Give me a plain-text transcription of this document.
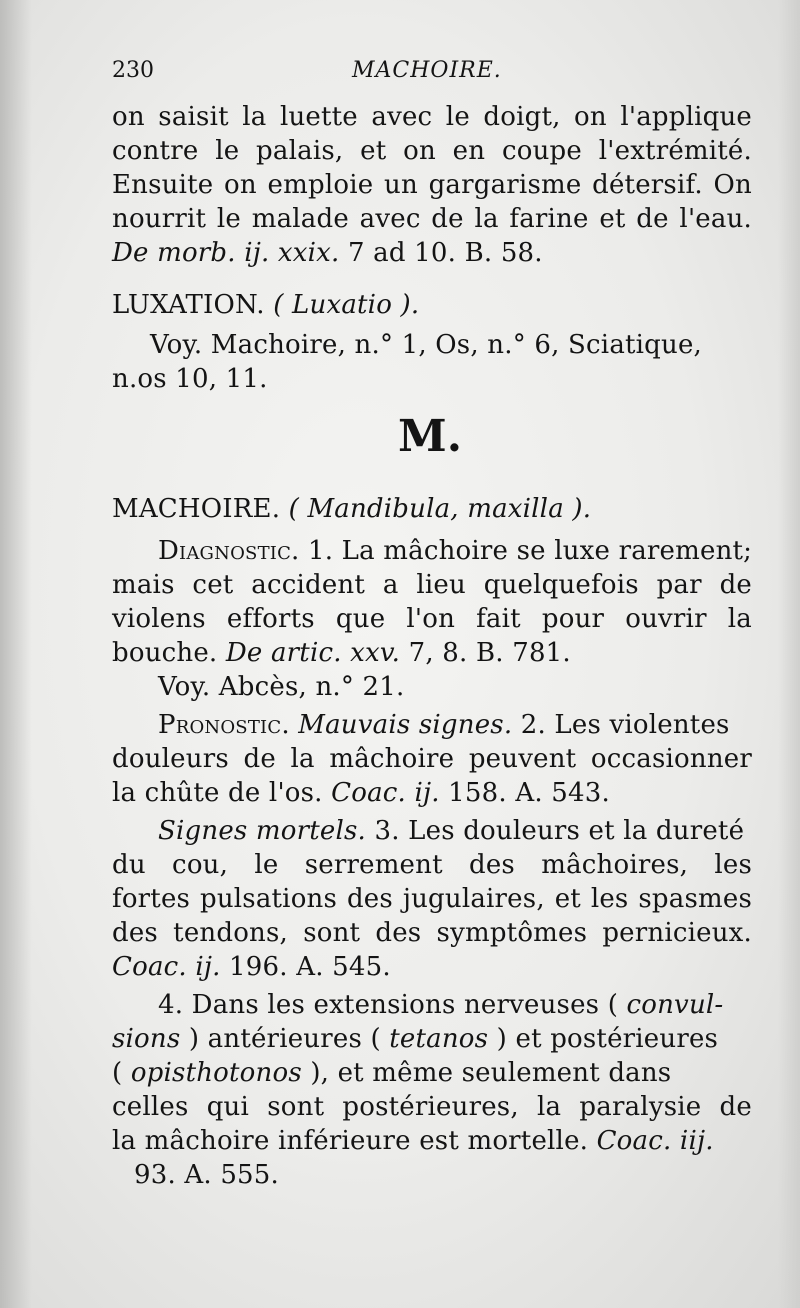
230	MACHOIRE.
on saisit la luette avec le doigt, on l'applique
contre le palais, et on en coupe l'extrémité.
Ensuite on emploie un gargarisme détersif. On
nourrit le malade avec de la farine et de l'eau.
De morb. ij. xxix. 7 ad 10. B. 58.
LUXATION. ( Luxatio ).
Voy. Machoire, n.° 1, Os, n.° 6, Sciatique,
n.os 10, 11.
M.
MACHOIRE. ( Mandibula, maxilla ).
Diagnostic. 1. La mâchoire se luxe rarement;
mais cet accident a lieu quelquefois par de
violens efforts que l'on fait pour ouvrir la
bouche. De artic. xxv. 7, 8. B. 781.
Voy. Abcès, n.° 21.
Pronostic. Mauvais signes. 2. Les violentes
douleurs de la mâchoire peuvent occasionner
la chûte de l'os. Coac. ij. 158. A. 543.
Signes mortels. 3. Les douleurs et la dureté
du cou, le serrement des mâchoires, les
fortes pulsations des jugulaires, et les spasmes
des tendons, sont des symptômes pernicieux.
Coac. ij. 196. A. 545.
4. Dans les extensions nerveuses ( convul-
sions ) antérieures ( tetanos ) et postérieures
( opisthotonos ), et même seulement dans
celles qui sont postérieures, la paralysie de
la mâchoire inférieure est mortelle. Coac. iij.
93. A. 555.
